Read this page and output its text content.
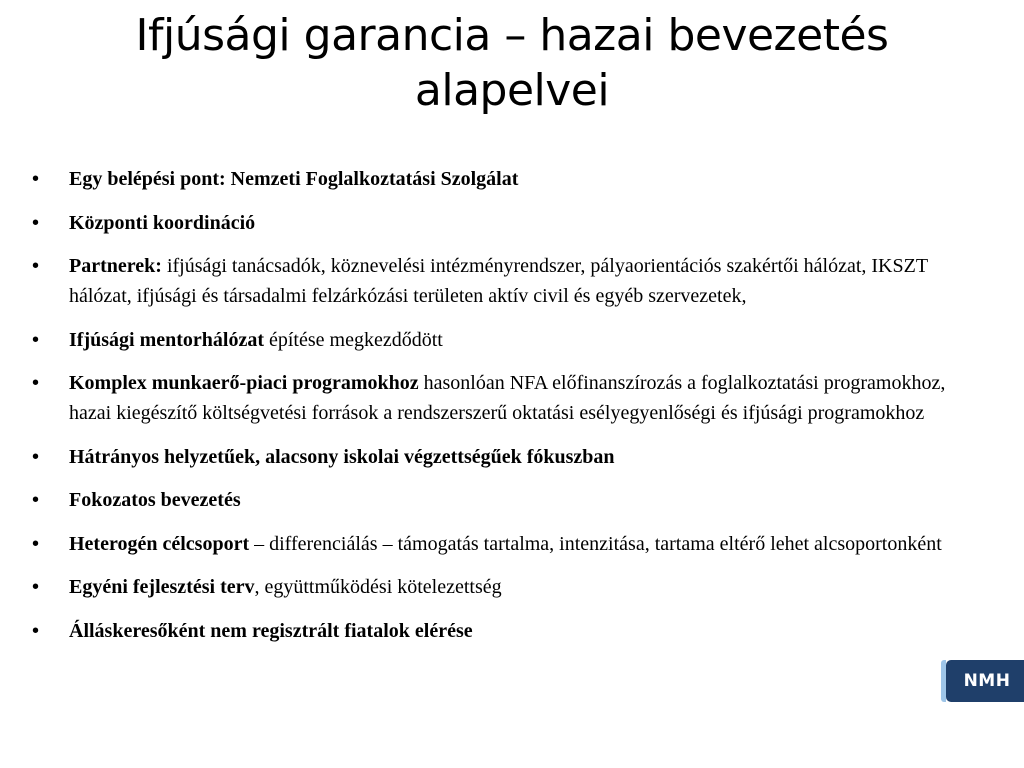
Ifjúsági garancia – hazai bevezetés alapelvei
•	Egy belépési pont: Nemzeti Foglalkoztatási Szolgálat
•	Központi koordináció
•	Partnerek: ifjúsági tanácsadók, köznevelési intézményrendszer, pályaorientációs szakértői hálózat, IKSZT hálózat, ifjúsági és társadalmi felzárkózási területen aktív civil és egyéb szervezetek,
•	Ifjúsági mentorhálózat építése megkezdődött
•	Komplex munkaerő-piaci programokhoz hasonlóan NFA előfinanszírozás a foglalkoztatási programokhoz, hazai kiegészítő költségvetési források a rendszerszerű oktatási esélyegyenlőségi és ifjúsági programokhoz
•	Hátrányos helyzetűek, alacsony iskolai végzettségűek fókuszban
•	Fokozatos bevezetés
•	Heterogén célcsoport – differenciálás – támogatás tartalma, intenzitása, tartama eltérő lehet alcsoportonként
•	Egyéni fejlesztési terv, együttműködési kötelezettség
•	Álláskeresőként nem regisztrált fiatalok elérése
NMH
